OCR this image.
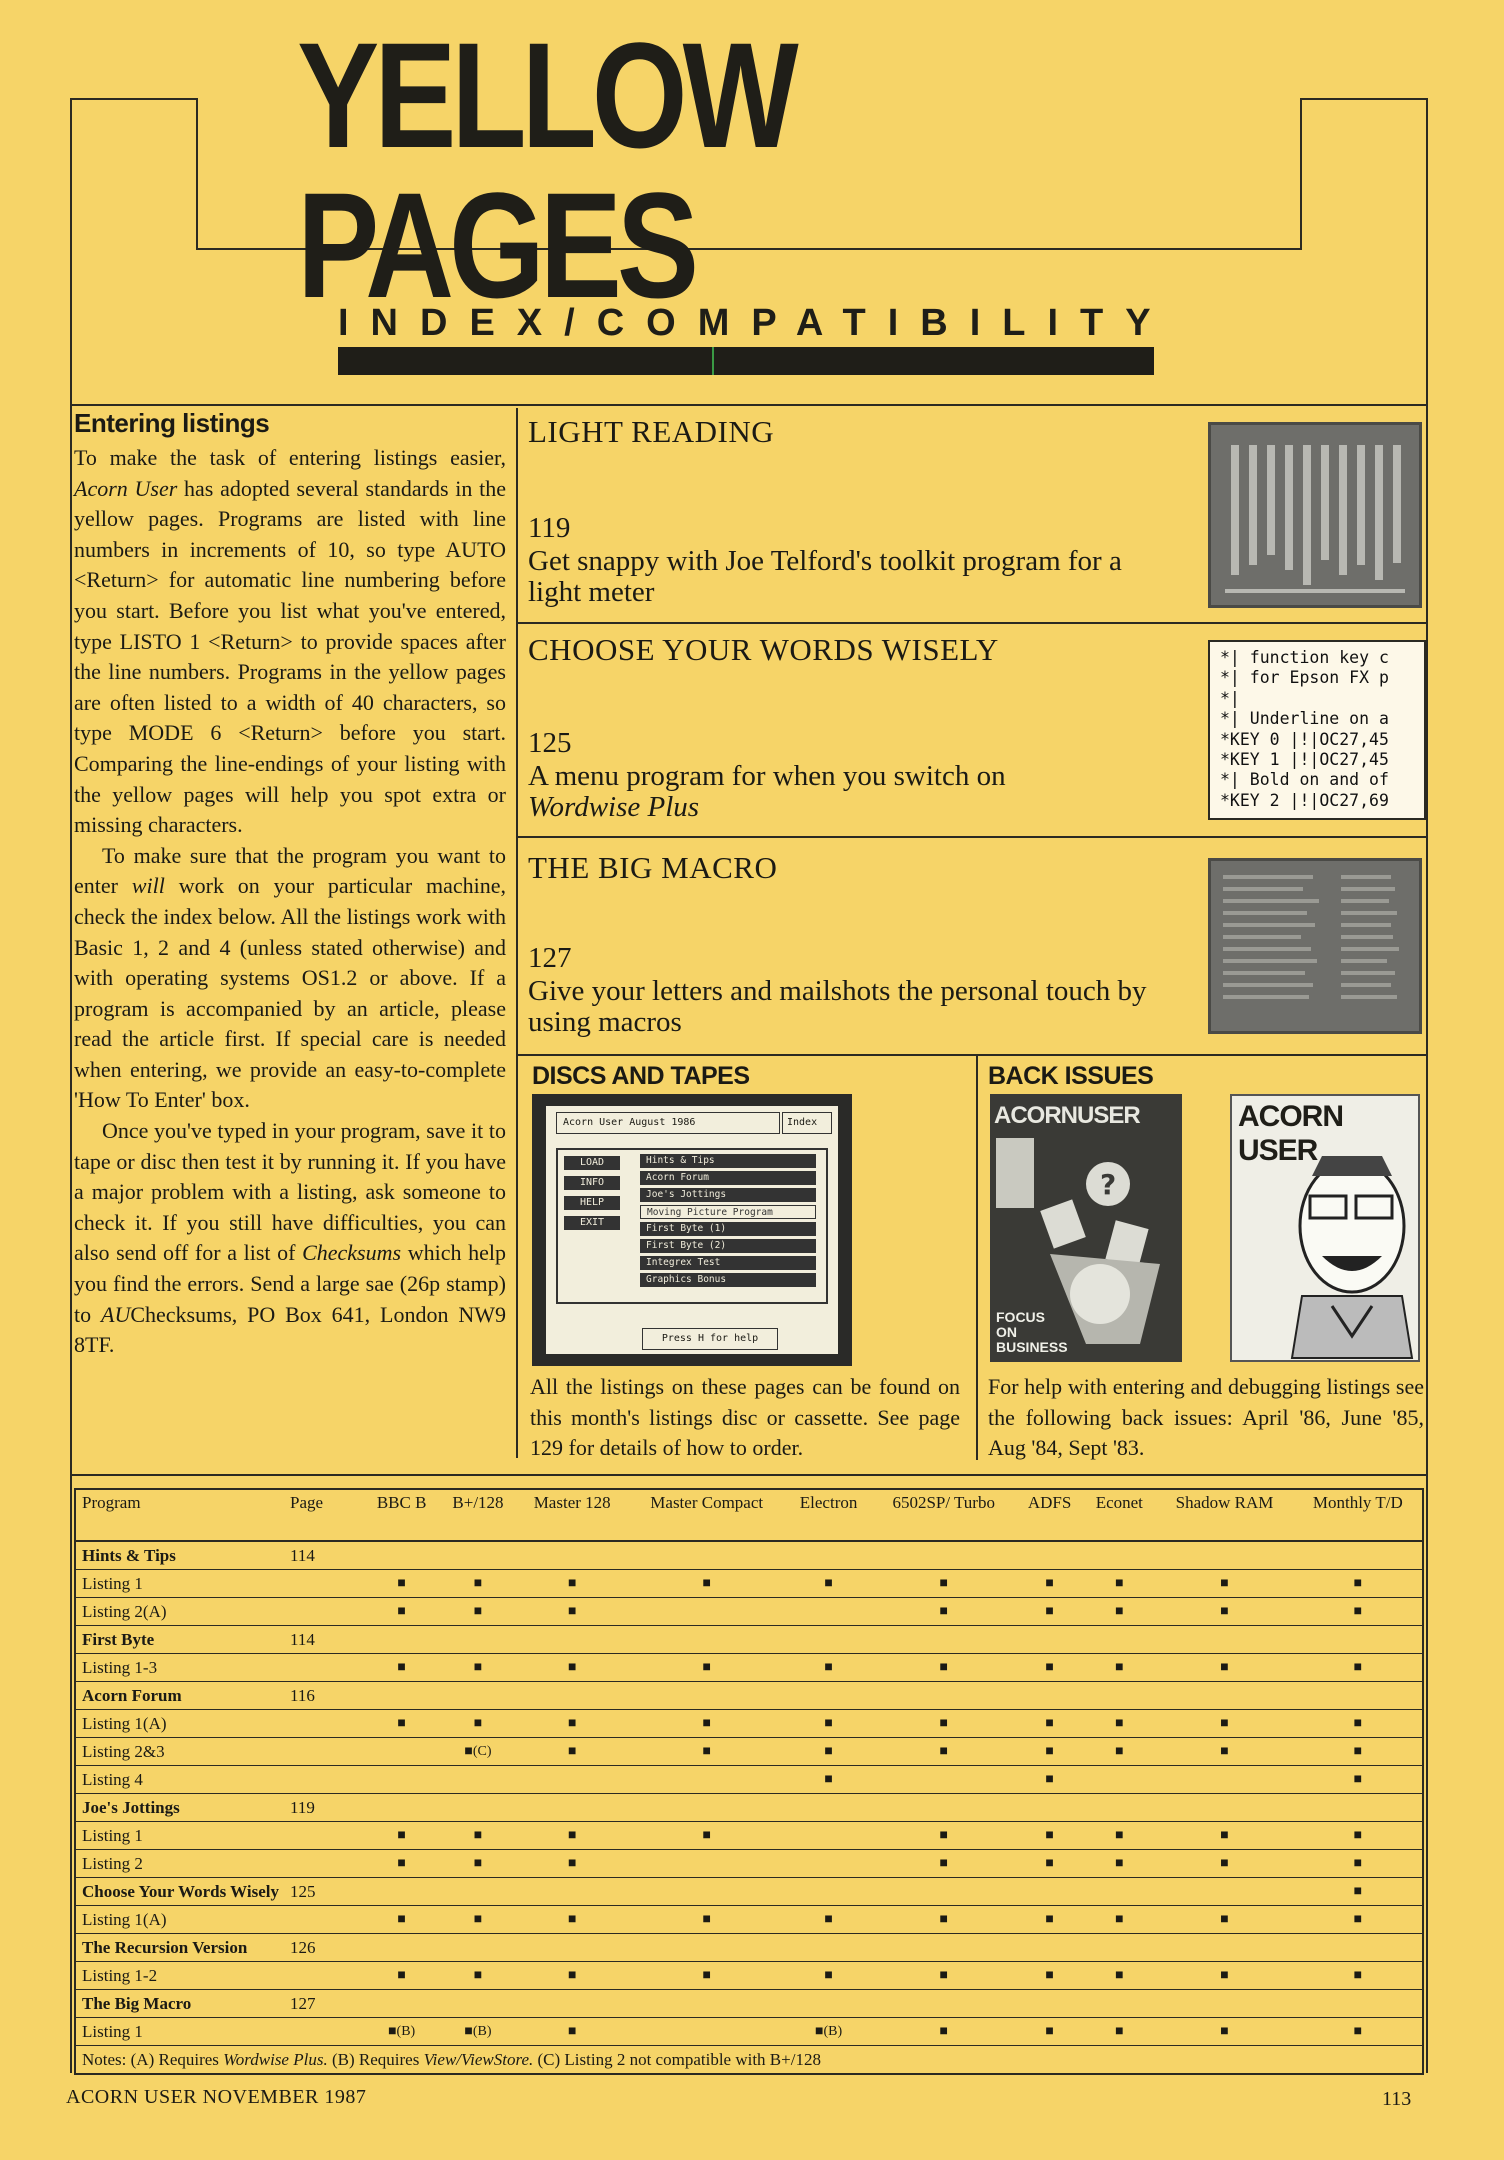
YELLOW PAGES
INDEX/COMPATIBILITY
Entering listings

To make the task of entering listings easier, Acorn User has adopted several standards in the yellow pages. Programs are listed with line numbers in increments of 10, so type AUTO <Return> for automatic line numbering before you start. Before you list what you've entered, type LISTO 1 <Return> to provide spaces after the line numbers. Programs in the yellow pages are often listed to a width of 40 characters, so type MODE 6 <Return> before you start. Comparing the line-endings of your listing with the yellow pages will help you spot extra or missing characters.

To make sure that the program you want to enter will work on your particular machine, check the index below. All the listings work with Basic 1, 2 and 4 (unless stated otherwise) and with operating systems OS1.2 or above. If a program is accompanied by an article, please read the article first. If special care is needed when entering, we provide an easy-to-complete 'How To Enter' box.

Once you've typed in your program, save it to tape or disc then test it by running it. If you have a major problem with a listing, ask someone to check it. If you still have difficulties, you can also send off for a list of Checksums which help you find the errors. Send a large sae (26p stamp) to AUChecksums, PO Box 641, London NW9 8TF.

LIGHT READING
119
Get snappy with Joe Telford's toolkit program for a light meter
CHOOSE YOUR WORDS WISELY
125
A menu program for when you switch on
Wordwise Plus
*| function key c
*| for Epson FX p
*|
*| Underline on a
*KEY 0 |!|OC27,45
*KEY 1 |!|OC27,45
*| Bold on and of
*KEY 2 |!|OC27,69
THE BIG MACRO
127
Give your letters and mailshots the personal touch by using macros
DISCS AND TAPES
Acorn User August 1986	Index
LOAD
INFO
HELP
EXIT
Hints & Tips
Acorn Forum
Joe's Jottings
Moving Picture Program
First Byte (1)
First Byte (2)
Integrex Test
Graphics Bonus
Press H for help
All the listings on these pages can be found on this month's listings disc or cassette. See page 129 for details of how to order.
BACK ISSUES
ACORNUSER
?
FOCUS ON BUSINESS
ACORN USER
For help with entering and debugging listings see the following back issues: April '86, June '85, Aug '84, Sept '83.
Program	Page	BBC B	B+/128	Master 128	Master Compact	Electron	6502SP/ Turbo	ADFS	Econet	Shadow RAM	Monthly T/D
Hints & Tips	114										
Listing 1		■	■	■	■	■	■	■	■	■	■
Listing 2(A)		■	■	■			■	■	■	■	■
First Byte	114										
Listing 1-3		■	■	■	■	■	■	■	■	■	■
Acorn Forum	116										
Listing 1(A)		■	■	■	■	■	■	■	■	■	■
Listing 2&3			■(C)	■	■	■	■	■	■	■	■
Listing 4						■		■			■
Joe's Jottings	119										
Listing 1		■	■	■	■		■	■	■	■	■
Listing 2		■	■	■			■	■	■	■	■
Choose Your Words Wisely	125										■
Listing 1(A)		■	■	■	■	■	■	■	■	■	■
The Recursion Version	126										
Listing 1-2		■	■	■	■	■	■	■	■	■	■
The Big Macro	127										
Listing 1		■(B)	■(B)	■		■(B)	■	■	■	■	■
Notes: (A) Requires Wordwise Plus. (B) Requires View/ViewStore. (C) Listing 2 not compatible with B+/128											
ACORN USER NOVEMBER 1987	113
